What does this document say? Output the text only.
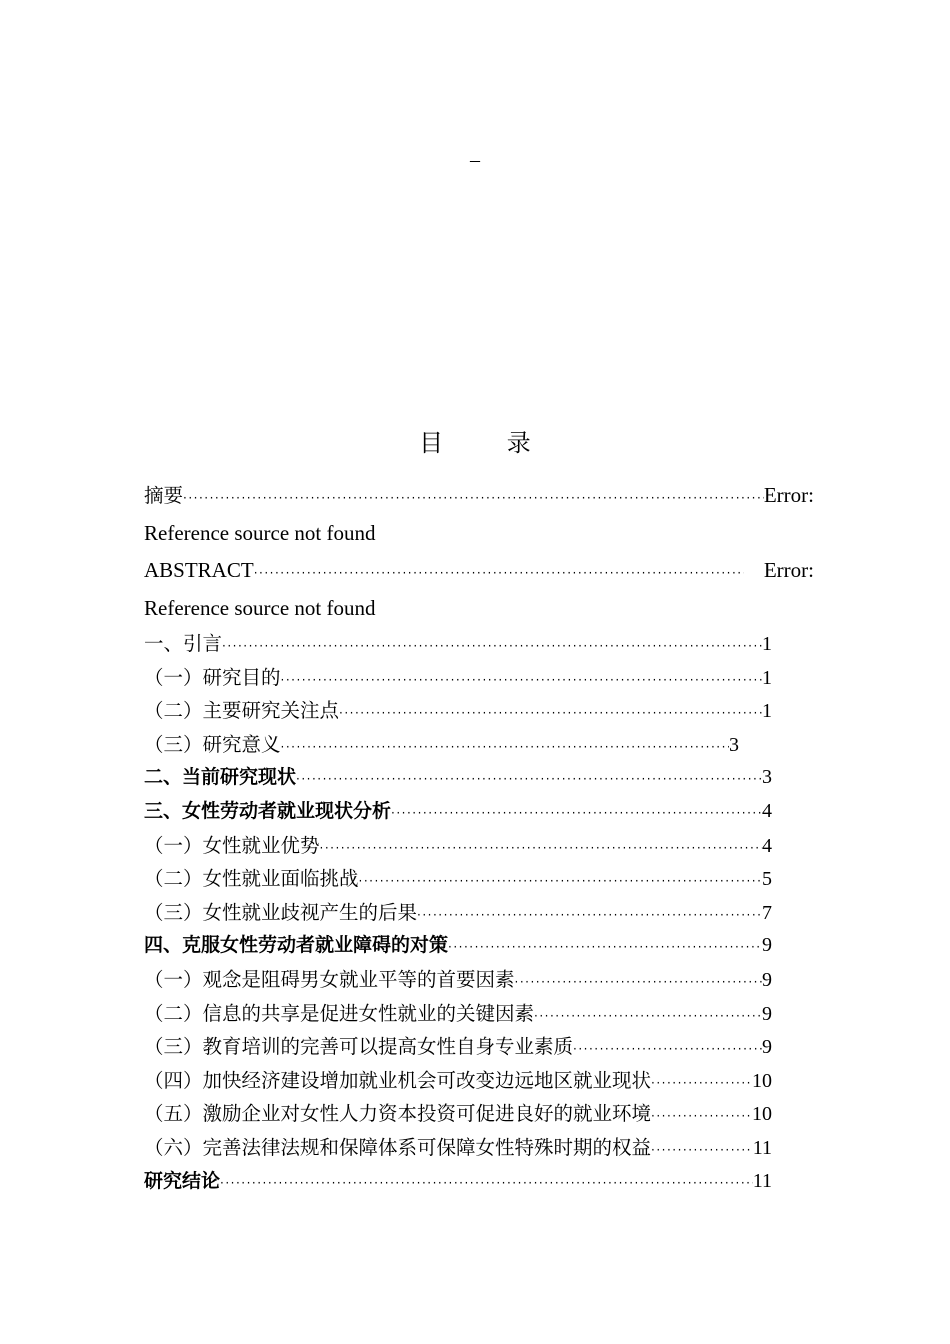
–
目 录
摘要 ·····	Error:
Reference source not found
ABSTRACT ·····	Error:
Reference source not found
一、引言 ·····	1
（一）研究目的 ·····	1
（二）主要研究关注点 ·····	1
（三）研究意义 ·····	3
二、当前研究现状 ·····	3
三、女性劳动者就业现状分析 ·····	4
（一）女性就业优势 ·····	4
（二）女性就业面临挑战 ·····	5
（三）女性就业歧视产生的后果 ·····	7
四、克服女性劳动者就业障碍的对策 ·····	9
（一）观念是阻碍男女就业平等的首要因素 ·····	9
（二）信息的共享是促进女性就业的关键因素 ·····	9
（三）教育培训的完善可以提高女性自身专业素质 ·····	9
（四）加快经济建设增加就业机会可改变边远地区就业现状 ·····	10
（五）激励企业对女性人力资本投资可促进良好的就业环境 ·····	10
（六）完善法律法规和保障体系可保障女性特殊时期的权益 ·····	11
研究结论 ·····	11
